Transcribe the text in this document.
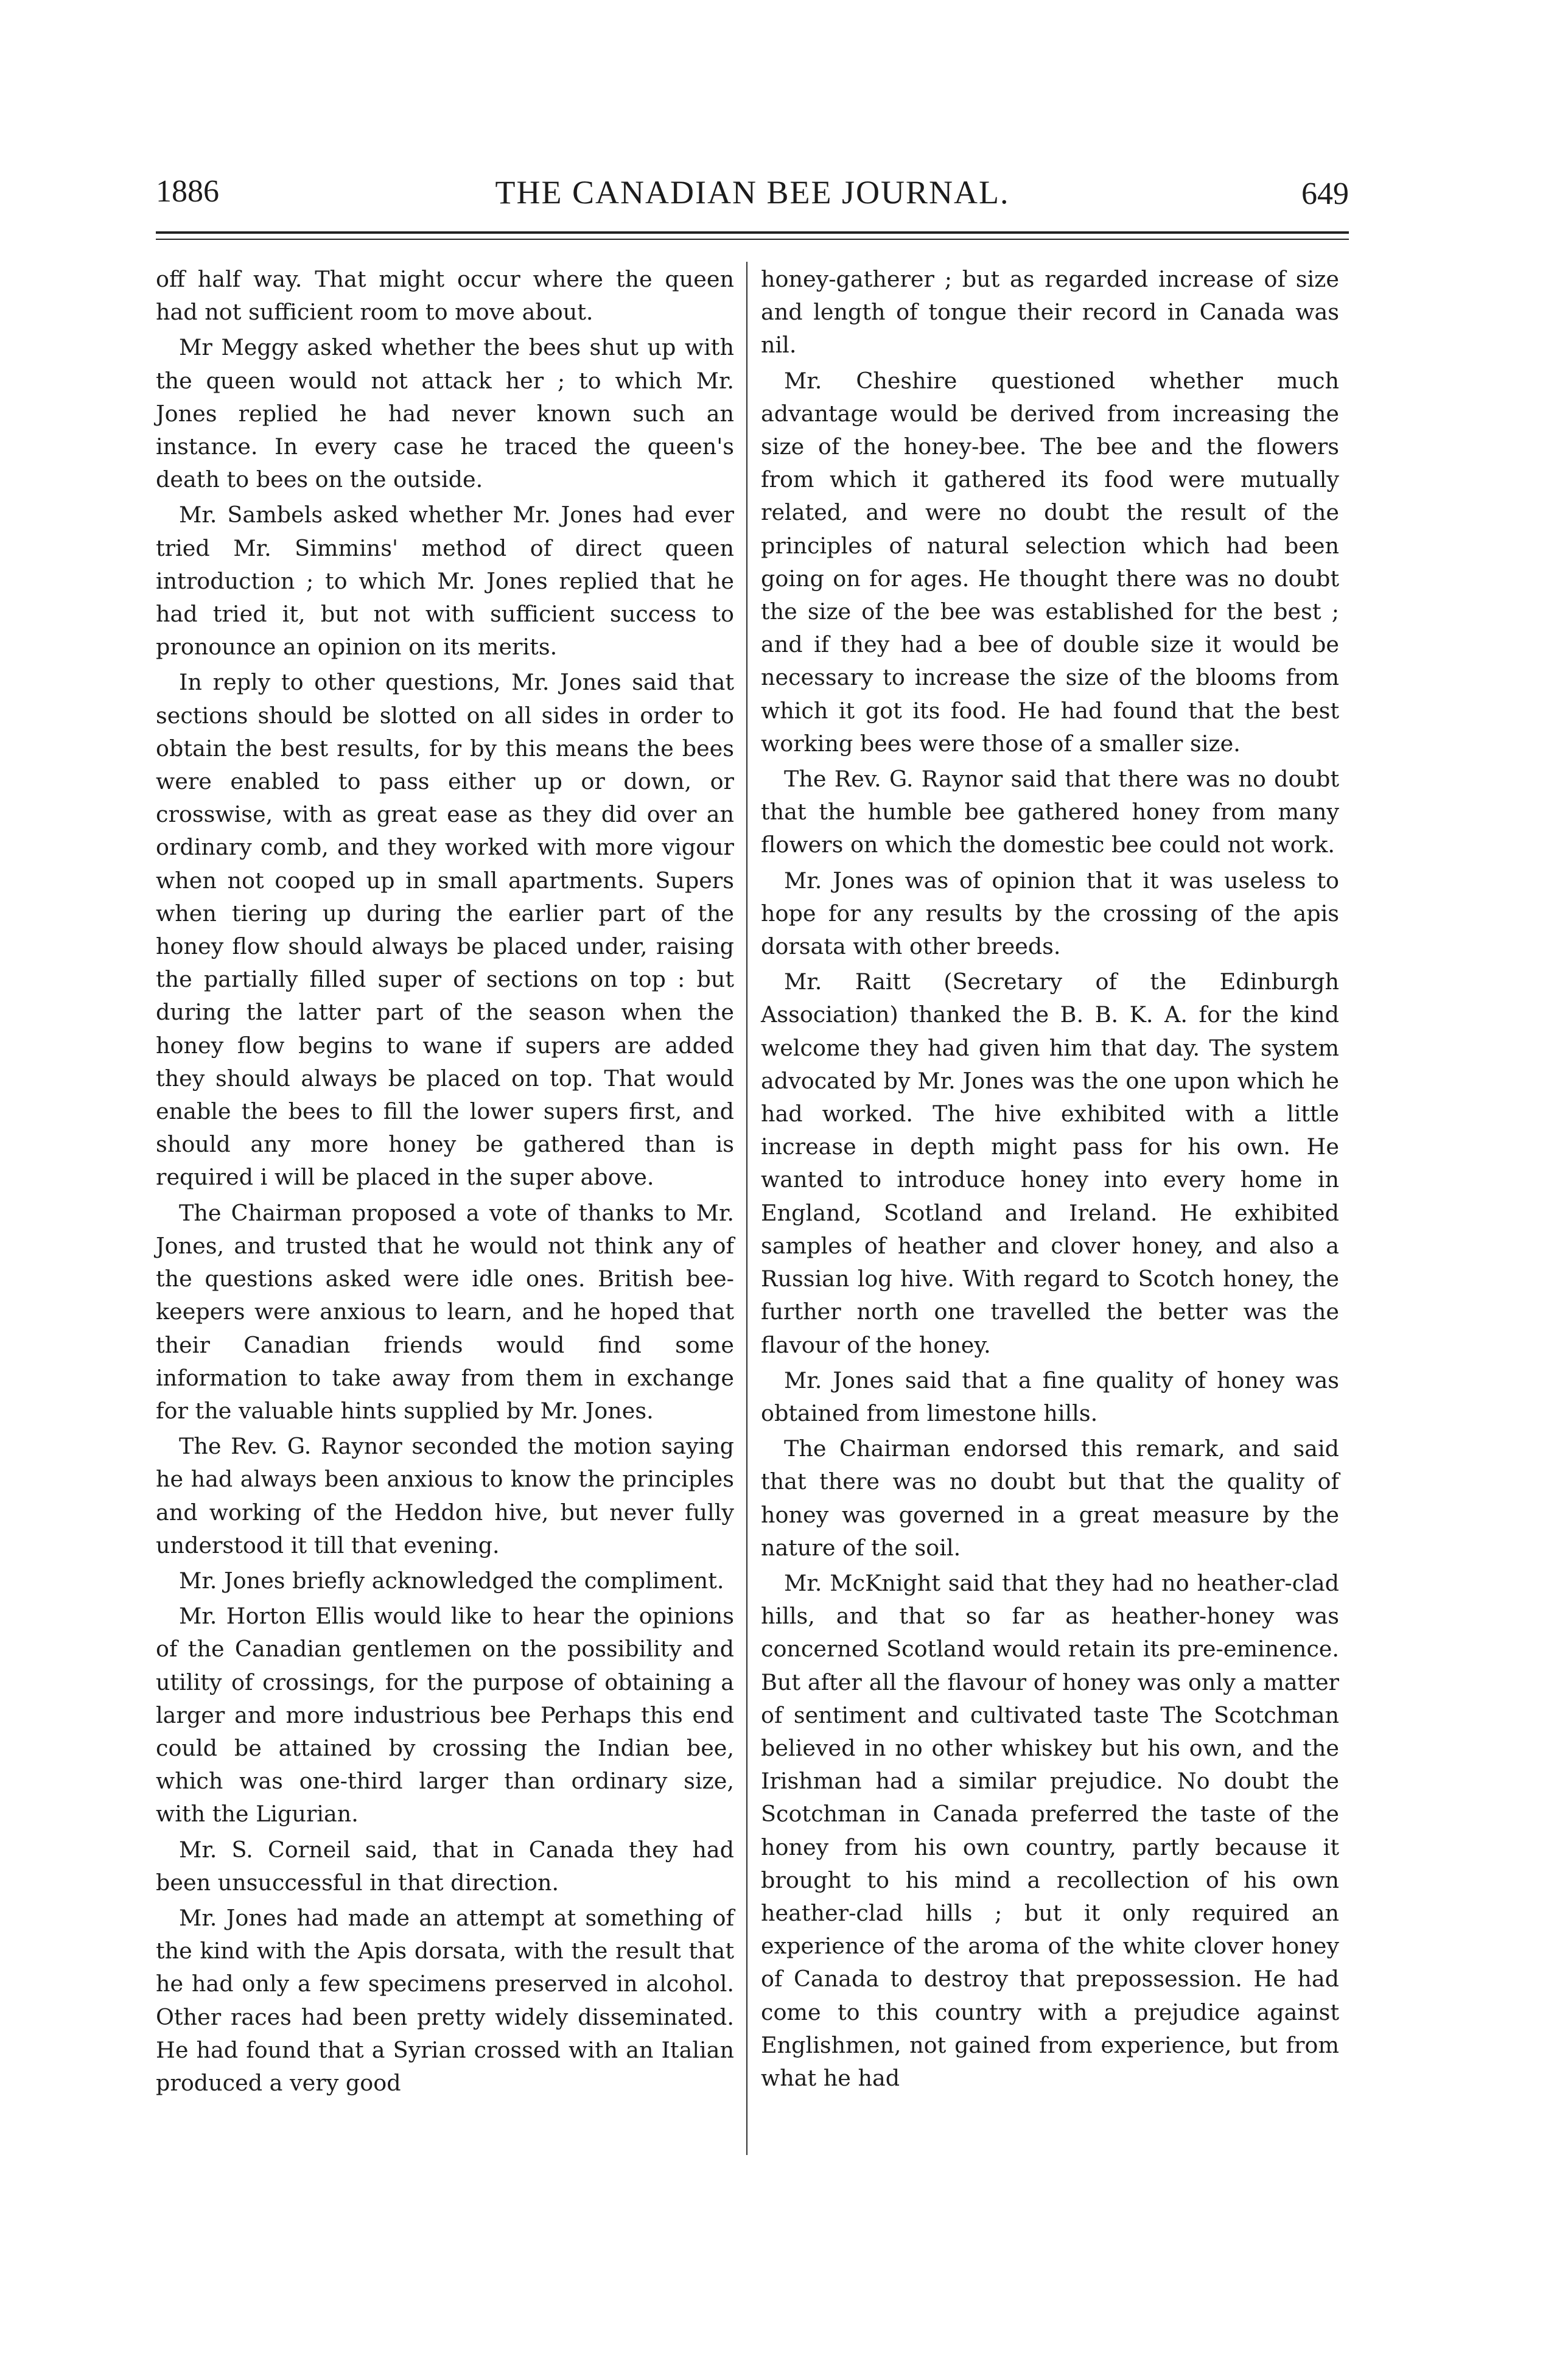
1886	THE CANADIAN BEE JOURNAL.	649

off half way. That might occur where the queen had not sufficient room to move about.

Mr Meggy asked whether the bees shut up with the queen would not attack her ; to which Mr. Jones replied he had never known such an instance. In every case he traced the queen's death to bees on the outside.

Mr. Sambels asked whether Mr. Jones had ever tried Mr. Simmins' method of direct queen introduction ; to which Mr. Jones replied that he had tried it, but not with sufficient success to pronounce an opinion on its merits.

In reply to other questions, Mr. Jones said that sections should be slotted on all sides in order to obtain the best results, for by this means the bees were enabled to pass either up or down, or crosswise, with as great ease as they did over an ordinary comb, and they worked with more vigour when not cooped up in small apartments. Supers when tiering up during the earlier part of the honey flow should always be placed under, raising the partially filled super of sections on top : but during the latter part of the season when the honey flow begins to wane if supers are added they should always be placed on top. That would enable the bees to fill the lower supers first, and should any more honey be gathered than is required i will be placed in the super above.

The Chairman proposed a vote of thanks to Mr. Jones, and trusted that he would not think any of the questions asked were idle ones. British bee-keepers were anxious to learn, and he hoped that their Canadian friends would find some information to take away from them in exchange for the valuable hints supplied by Mr. Jones.

The Rev. G. Raynor seconded the motion saying he had always been anxious to know the principles and working of the Heddon hive, but never fully understood it till that evening.

Mr. Jones briefly acknowledged the compliment.

Mr. Horton Ellis would like to hear the opinions of the Canadian gentlemen on the possibility and utility of crossings, for the purpose of obtaining a larger and more industrious bee Perhaps this end could be attained by crossing the Indian bee, which was one-third larger than ordinary size, with the Ligurian.

Mr. S. Corneil said, that in Canada they had been unsuccessful in that direction.

Mr. Jones had made an attempt at something of the kind with the Apis dorsata, with the result that he had only a few specimens preserved in alcohol. Other races had been pretty widely disseminated. He had found that a Syrian crossed with an Italian produced a very good

honey-gatherer ; but as regarded increase of size and length of tongue their record in Canada was nil.

Mr. Cheshire questioned whether much advantage would be derived from increasing the size of the honey-bee. The bee and the flowers from which it gathered its food were mutually related, and were no doubt the result of the principles of natural selection which had been going on for ages. He thought there was no doubt the size of the bee was established for the best ; and if they had a bee of double size it would be necessary to increase the size of the blooms from which it got its food. He had found that the best working bees were those of a smaller size.

The Rev. G. Raynor said that there was no doubt that the humble bee gathered honey from many flowers on which the domestic bee could not work.

Mr. Jones was of opinion that it was useless to hope for any results by the crossing of the apis dorsata with other breeds.

Mr. Raitt (Secretary of the Edinburgh Association) thanked the B. B. K. A. for the kind welcome they had given him that day. The system advocated by Mr. Jones was the one upon which he had worked. The hive exhibited with a little increase in depth might pass for his own. He wanted to introduce honey into every home in England, Scotland and Ireland. He exhibited samples of heather and clover honey, and also a Russian log hive. With regard to Scotch honey, the further north one travelled the better was the flavour of the honey.

Mr. Jones said that a fine quality of honey was obtained from limestone hills.

The Chairman endorsed this remark, and said that there was no doubt but that the quality of honey was governed in a great measure by the nature of the soil.

Mr. McKnight said that they had no heather-clad hills, and that so far as heather-honey was concerned Scotland would retain its pre-eminence. But after all the flavour of honey was only a matter of sentiment and cultivated taste The Scotchman believed in no other whiskey but his own, and the Irishman had a similar prejudice. No doubt the Scotchman in Canada preferred the taste of the honey from his own country, partly because it brought to his mind a recollection of his own heather-clad hills ; but it only required an experience of the aroma of the white clover honey of Canada to destroy that prepossession. He had come to this country with a prejudice against Englishmen, not gained from experience, but from what he had
